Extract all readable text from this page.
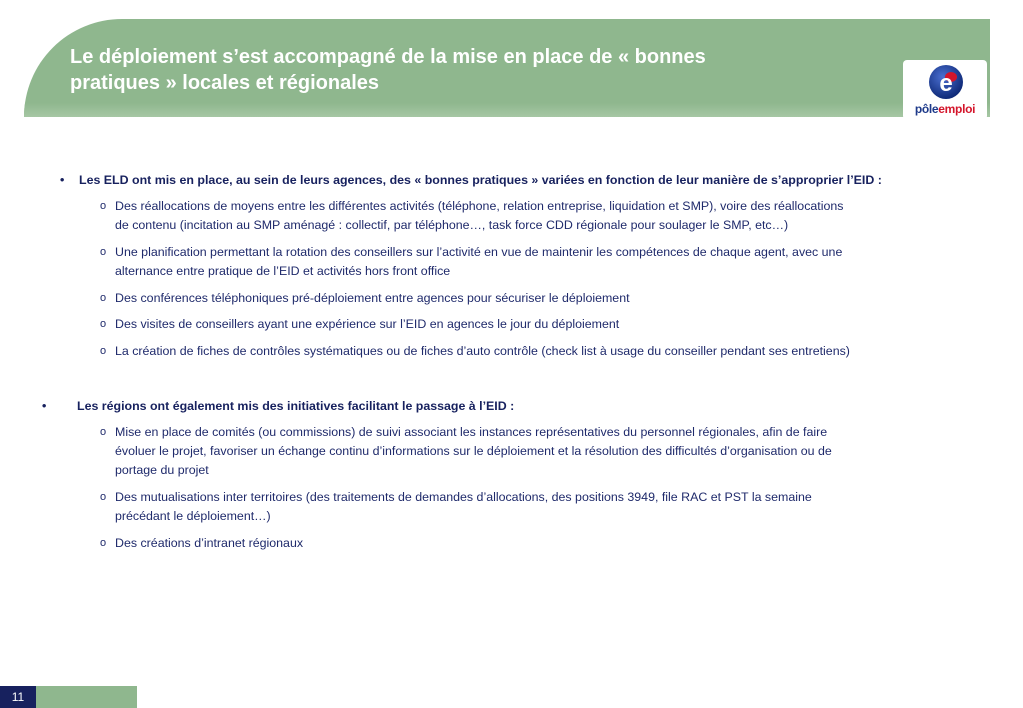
Le déploiement s’est accompagné de la mise en place de « bonnes
pratiques » locales et régionales	e
pôleemploi
• Les ELD ont mis en place, au sein de leurs agences, des « bonnes pratiques » variées en fonction de leur manière de s’approprier l’EID :
o Des réallocations de moyens entre les différentes activités (téléphone, relation entreprise, liquidation et SMP), voire des réallocations
de contenu (incitation au SMP aménagé : collectif, par téléphone…, task force CDD régionale pour soulager le SMP, etc…)
o Une planification permettant la rotation des conseillers sur l’activité en vue de maintenir les compétences de chaque agent, avec une
alternance entre pratique de l’EID et activités hors front office
o Des conférences téléphoniques pré-déploiement entre agences pour sécuriser le déploiement
o Des visites de conseillers ayant une expérience sur l’EID en agences le jour du déploiement
o La création de fiches de contrôles systématiques ou de fiches d’auto contrôle (check list à usage du conseiller pendant ses entretiens)
• Les régions ont également mis des initiatives facilitant le passage à l’EID :
o Mise en place de comités (ou commissions) de suivi associant les instances représentatives du personnel régionales, afin de faire
évoluer le projet, favoriser un échange continu d’informations sur le déploiement et la résolution des difficultés d’organisation ou de
portage du projet
o Des mutualisations inter territoires (des traitements de demandes d’allocations, des positions 3949, file RAC et PST la semaine
précédant le déploiement…)
o Des créations d’intranet régionaux
11
